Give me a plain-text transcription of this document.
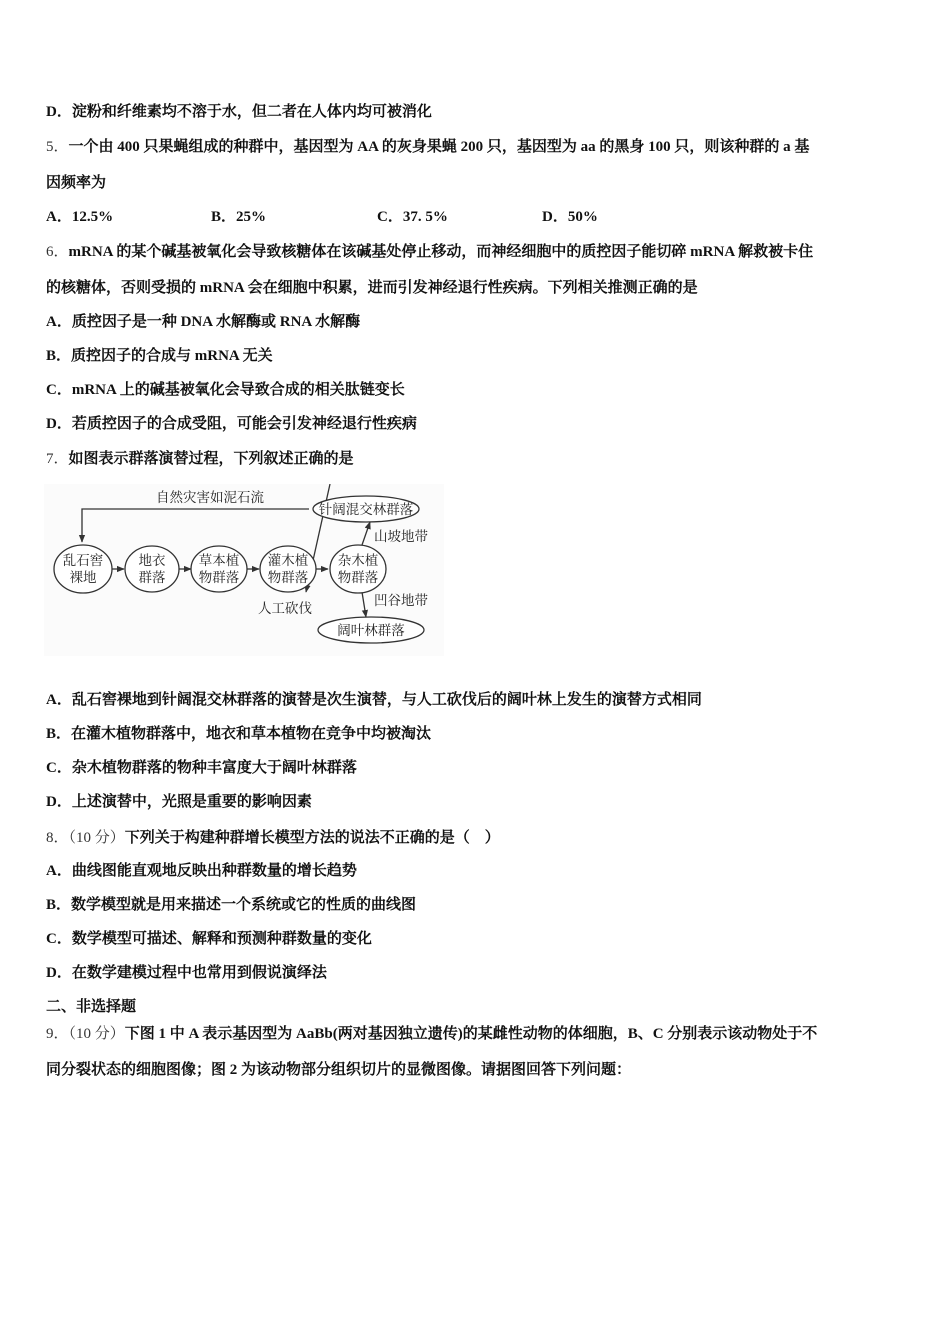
D．淀粉和纤维素均不溶于水，但二者在人体内均可被消化
5．一个由 400 只果蝇组成的种群中，基因型为 AA 的灰身果蝇 200 只，基因型为 aa 的黑身 100 只，则该种群的 a 基
因频率为
A．12.5%	B．25%	C．37. 5%	D．50%
6．mRNA 的某个碱基被氧化会导致核糖体在该碱基处停止移动，而神经细胞中的质控因子能切碎 mRNA 解救被卡住
的核糖体，否则受损的 mRNA 会在细胞中积累，进而引发神经退行性疾病。下列相关推测正确的是
A．质控因子是一种 DNA 水解酶或 RNA 水解酶
B．质控因子的合成与 mRNA 无关
C．mRNA 上的碱基被氧化会导致合成的相关肽链变长
D．若质控因子的合成受阻，可能会引发神经退行性疾病
7．如图表示群落演替过程，下列叙述正确的是
乱石窖
裸地
地衣
群落
草本植
物群落
灌木植
物群落
杂木植
物群落
针阔混交林群落
阔叶林群落
自然灾害如泥石流
山坡地带
凹谷地带
人工砍伐
A．乱石窖裸地到针阔混交林群落的演替是次生演替，与人工砍伐后的阔叶林上发生的演替方式相同
B．在灌木植物群落中，地衣和草本植物在竞争中均被淘汰
C．杂木植物群落的物种丰富度大于阔叶林群落
D．上述演替中，光照是重要的影响因素
8．（10 分）下列关于构建种群增长模型方法的说法不正确的是（　）
A．曲线图能直观地反映出种群数量的增长趋势
B．数学模型就是用来描述一个系统或它的性质的曲线图
C．数学模型可描述、解释和预测种群数量的变化
D．在数学建模过程中也常用到假说演绎法
二、非选择题
9．（10 分）下图 1 中 A 表示基因型为 AaBb(两对基因独立遗传)的某雌性动物的体细胞，B、C 分别表示该动物处于不
同分裂状态的细胞图像；图 2 为该动物部分组织切片的显微图像。请据图回答下列问题：
